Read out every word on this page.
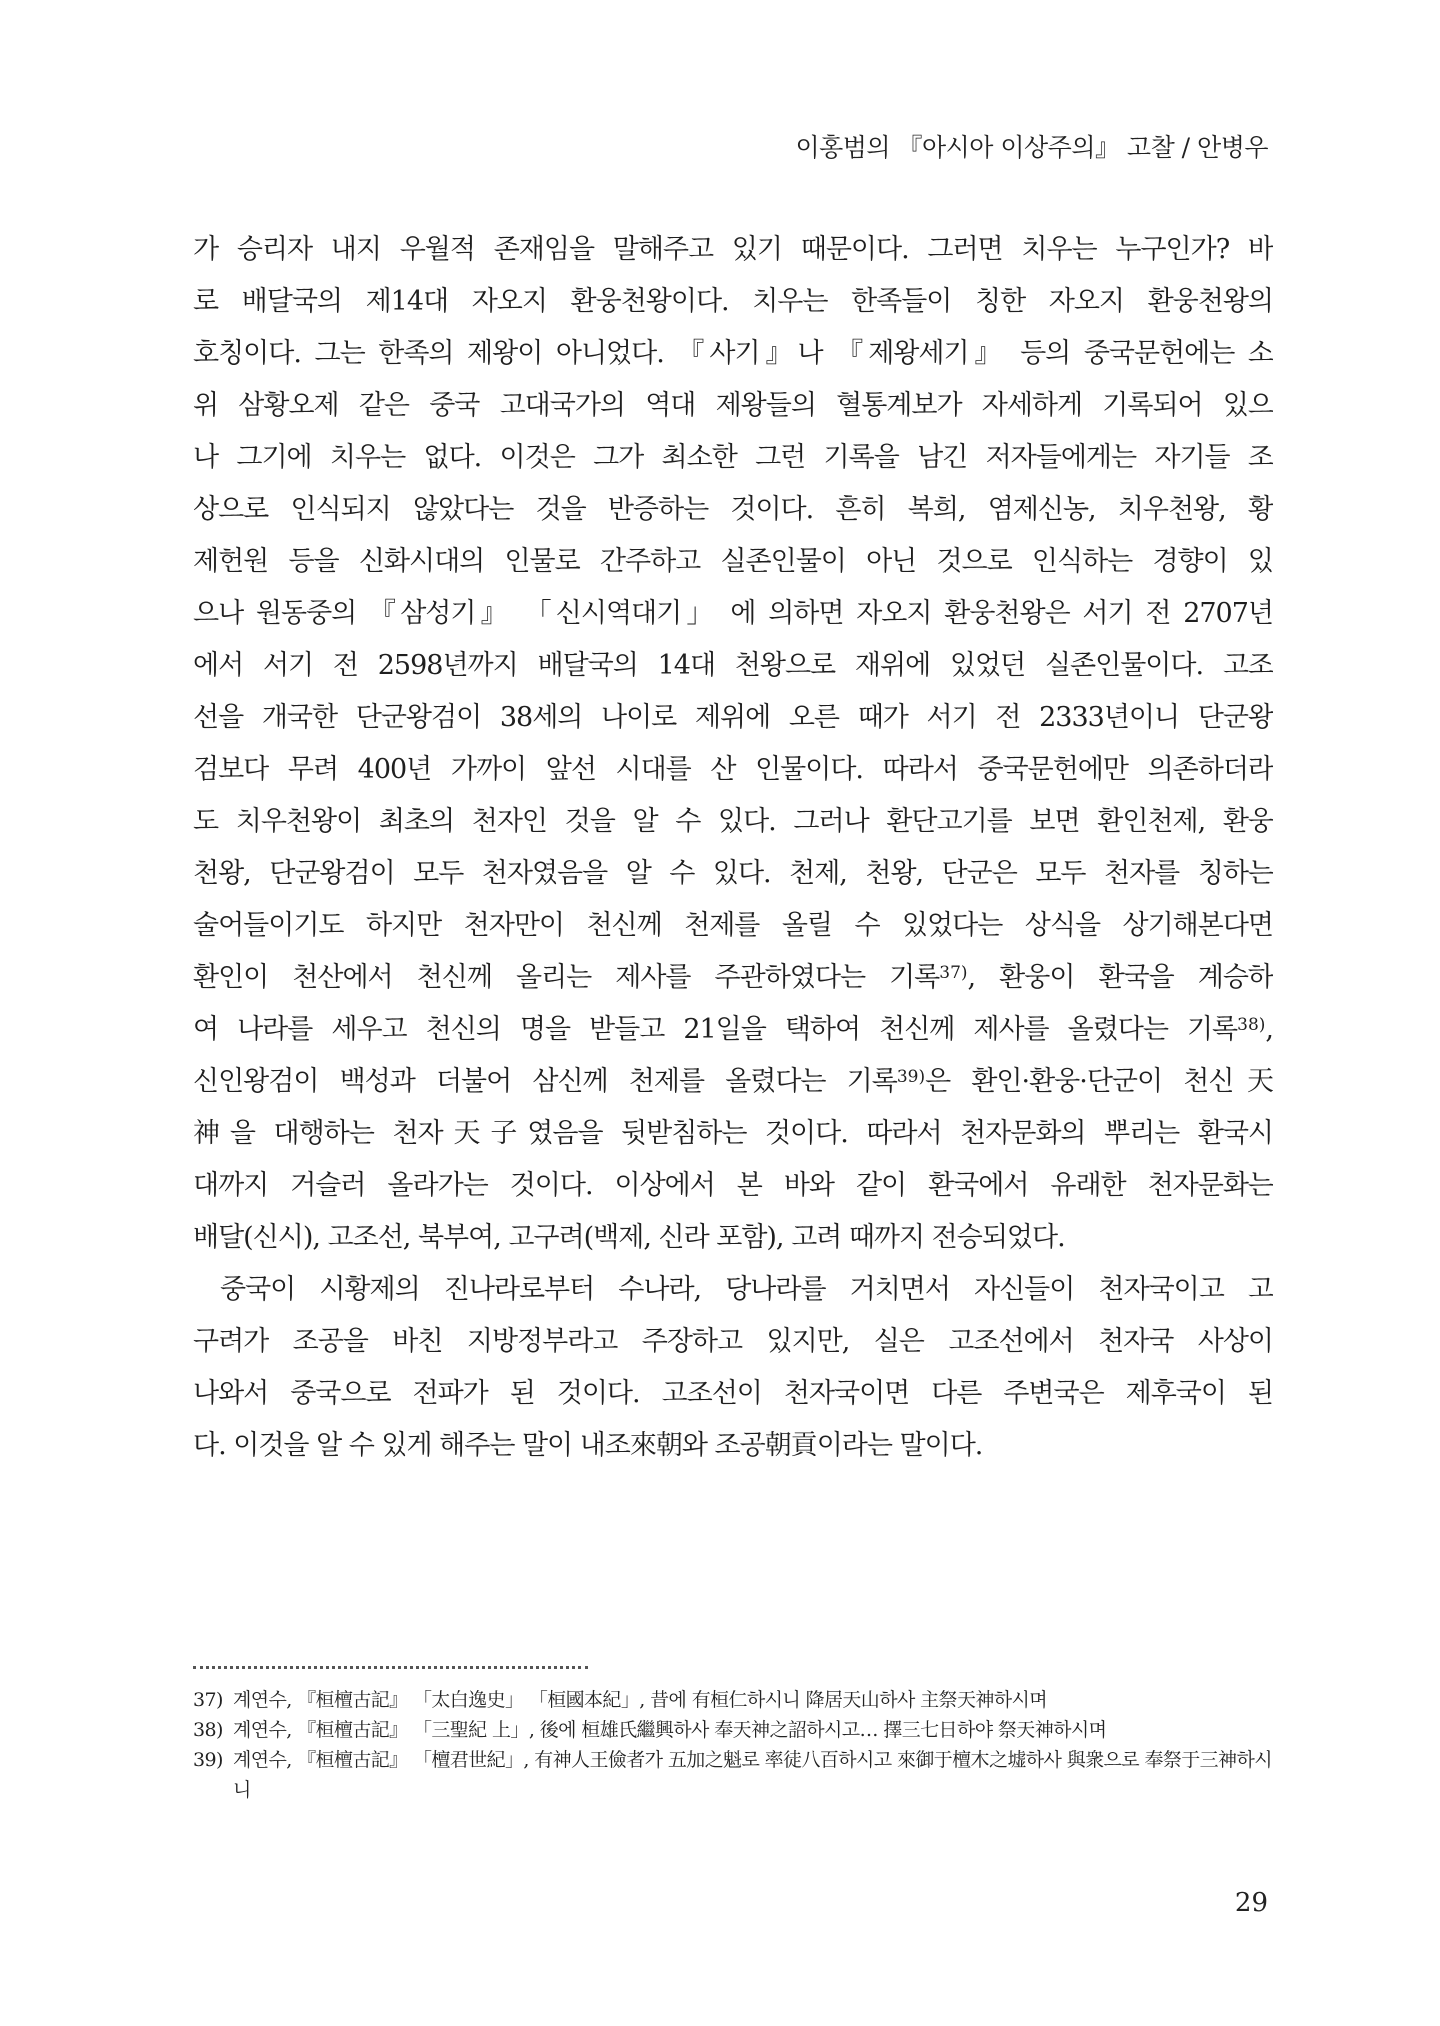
이홍범의 『아시아 이상주의』 고찰 / 안병우
가 승리자 내지 우월적 존재임을 말해주고 있기 때문이다. 그러면 치우는 누구인가? 바
로 배달국의 제14대 자오지 환웅천왕이다. 치우는 한족들이 칭한 자오지 환웅천왕의
호칭이다. 그는 한족의 제왕이 아니었다. 『사기』나 『제왕세기』 등의 중국문헌에는 소
위 삼황오제 같은 중국 고대국가의 역대 제왕들의 혈통계보가 자세하게 기록되어 있으
나 그기에 치우는 없다. 이것은 그가 최소한 그런 기록을 남긴 저자들에게는 자기들 조
상으로 인식되지 않았다는 것을 반증하는 것이다. 흔히 복희, 염제신농, 치우천왕, 황
제헌원 등을 신화시대의 인물로 간주하고 실존인물이 아닌 것으로 인식하는 경향이 있
으나 원동중의 『삼성기』 「신시역대기」 에 의하면 자오지 환웅천왕은 서기 전 2707년
에서 서기 전 2598년까지 배달국의 14대 천왕으로 재위에 있었던 실존인물이다. 고조
선을 개국한 단군왕검이 38세의 나이로 제위에 오른 때가 서기 전 2333년이니 단군왕
검보다 무려 400년 가까이 앞선 시대를 산 인물이다. 따라서 중국문헌에만 의존하더라
도 치우천왕이 최초의 천자인 것을 알 수 있다. 그러나 환단고기를 보면 환인천제, 환웅
천왕, 단군왕검이 모두 천자였음을 알 수 있다. 천제, 천왕, 단군은 모두 천자를 칭하는
술어들이기도 하지만 천자만이 천신께 천제를 올릴 수 있었다는 상식을 상기해본다면
환인이 천산에서 천신께 올리는 제사를 주관하였다는 기록$^{37)}$, 환웅이 환국을 계승하
여 나라를 세우고 천신의 명을 받들고 21일을 택하여 천신께 제사를 올렸다는 기록$^{38)}$,
신인왕검이 백성과 더불어 삼신께 천제를 올렸다는 기록$^{39)}$은 환인·환웅·단군이 천신天
神을 대행하는 천자天子였음을 뒷받침하는 것이다. 따라서 천자문화의 뿌리는 환국시
대까지 거슬러 올라가는 것이다. 이상에서 본 바와 같이 환국에서 유래한 천자문화는
배달(신시), 고조선, 북부여, 고구려(백제, 신라 포함), 고려 때까지 전승되었다.
중국이 시황제의 진나라로부터 수나라, 당나라를 거치면서 자신들이 천자국이고 고
구려가 조공을 바친 지방정부라고 주장하고 있지만, 실은 고조선에서 천자국 사상이
나와서 중국으로 전파가 된 것이다. 고조선이 천자국이면 다른 주변국은 제후국이 된
다. 이것을 알 수 있게 해주는 말이 내조來朝와 조공朝貢이라는 말이다.
37) 계연수, 『桓檀古記』 「太白逸史」 「桓國本紀」, 昔에 有桓仁하시니 降居天山하사 主祭天神하시며
38) 계연수, 『桓檀古記』 「三聖紀 上」, 後에 桓雄氏繼興하사 奉天神之詔하시고… 擇三七日하야 祭天神하시며
39) 계연수, 『桓檀古記』 「檀君世紀」, 有神人王儉者가 五加之魁로 率徒八百하시고 來御于檀木之墟하사 與衆으로 奉祭于三神하시니
29
